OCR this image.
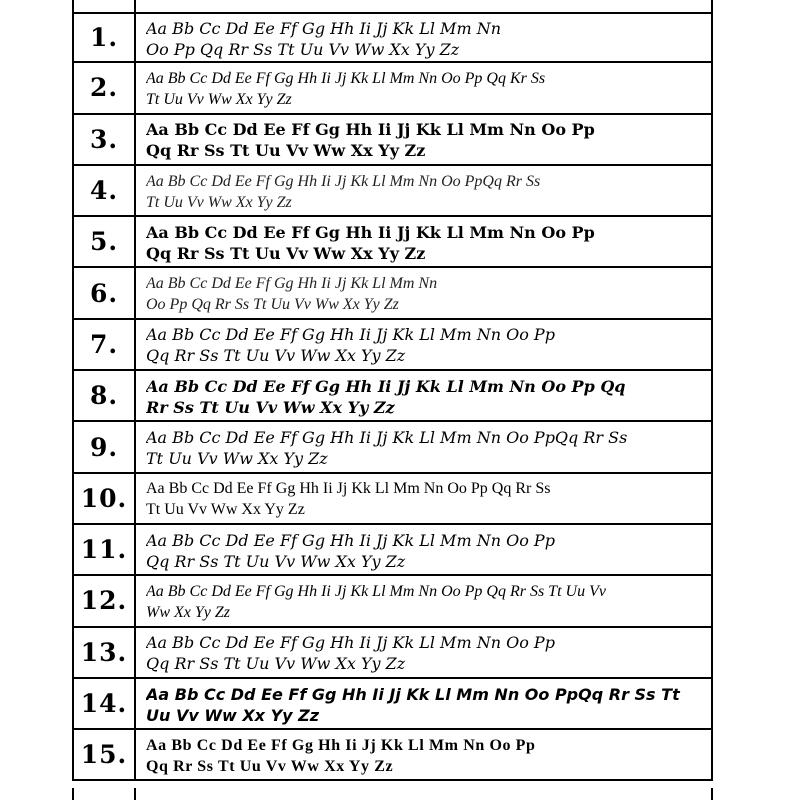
1.	Aa Bb Cc Dd Ee Ff Gg Hh Ii Jj Kk Ll Mm Nn
Oo Pp Qq Rr Ss Tt Uu Vv Ww Xx Yy Zz
2.	Aa Bb Cc Dd Ee Ff Gg Hh Ii Jj Kk Ll Mm Nn Oo Pp Qq Kr Ss
Tt Uu Vv Ww Xx Yy Zz
3.	Aa Bb Cc Dd Ee Ff Gg Hh Ii Jj Kk Ll Mm Nn Oo Pp
Qq Rr Ss Tt Uu Vv Ww Xx Yy Zz
4.	Aa Bb Cc Dd Ee Ff Gg Hh Ii Jj Kk Ll Mm Nn Oo PpQq Rr Ss
Tt Uu Vv Ww Xx Yy Zz
5.	Aa Bb Cc Dd Ee Ff Gg Hh Ii Jj Kk Ll Mm Nn Oo Pp
Qq Rr Ss Tt Uu Vv Ww Xx Yy Zz
6.	Aa Bb Cc Dd Ee Ff Gg Hh Ii Jj Kk Ll Mm Nn
Oo Pp Qq Rr Ss Tt Uu Vv Ww Xx Yy Zz
7.	Aa Bb Cc Dd Ee Ff Gg Hh Ii Jj Kk Ll Mm Nn Oo Pp
Qq Rr Ss Tt Uu Vv Ww Xx Yy Zz
8.	Aa Bb Cc Dd Ee Ff Gg Hh Ii Jj Kk Ll Mm Nn Oo Pp Qq
Rr Ss Tt Uu Vv Ww Xx Yy Zz
9.	Aa Bb Cc Dd Ee Ff Gg Hh Ii Jj Kk Ll Mm Nn Oo PpQq Rr Ss
Tt Uu Vv Ww Xx Yy Zz
10.	Aa Bb Cc Dd Ee Ff Gg Hh Ii Jj Kk Ll Mm Nn Oo Pp Qq Rr Ss
Tt Uu Vv Ww Xx Yy Zz
11.	Aa Bb Cc Dd Ee Ff Gg Hh Ii Jj Kk Ll Mm Nn Oo Pp
Qq Rr Ss Tt Uu Vv Ww Xx Yy Zz
12.	Aa Bb Cc Dd Ee Ff Gg Hh Ii Jj Kk Ll Mm Nn Oo Pp Qq Rr Ss Tt Uu Vv
Ww Xx Yy Zz
13.	Aa Bb Cc Dd Ee Ff Gg Hh Ii Jj Kk Ll Mm Nn Oo Pp
Qq Rr Ss Tt Uu Vv Ww Xx Yy Zz
14.	Aa Bb Cc Dd Ee Ff Gg Hh Ii Jj Kk Ll Mm Nn Oo PpQq Rr Ss Tt
Uu Vv Ww Xx Yy Zz
15.	Aa Bb Cc Dd Ee Ff Gg Hh Ii Jj Kk Ll Mm Nn Oo Pp
Qq Rr Ss Tt Uu Vv Ww Xx Yy Zz
